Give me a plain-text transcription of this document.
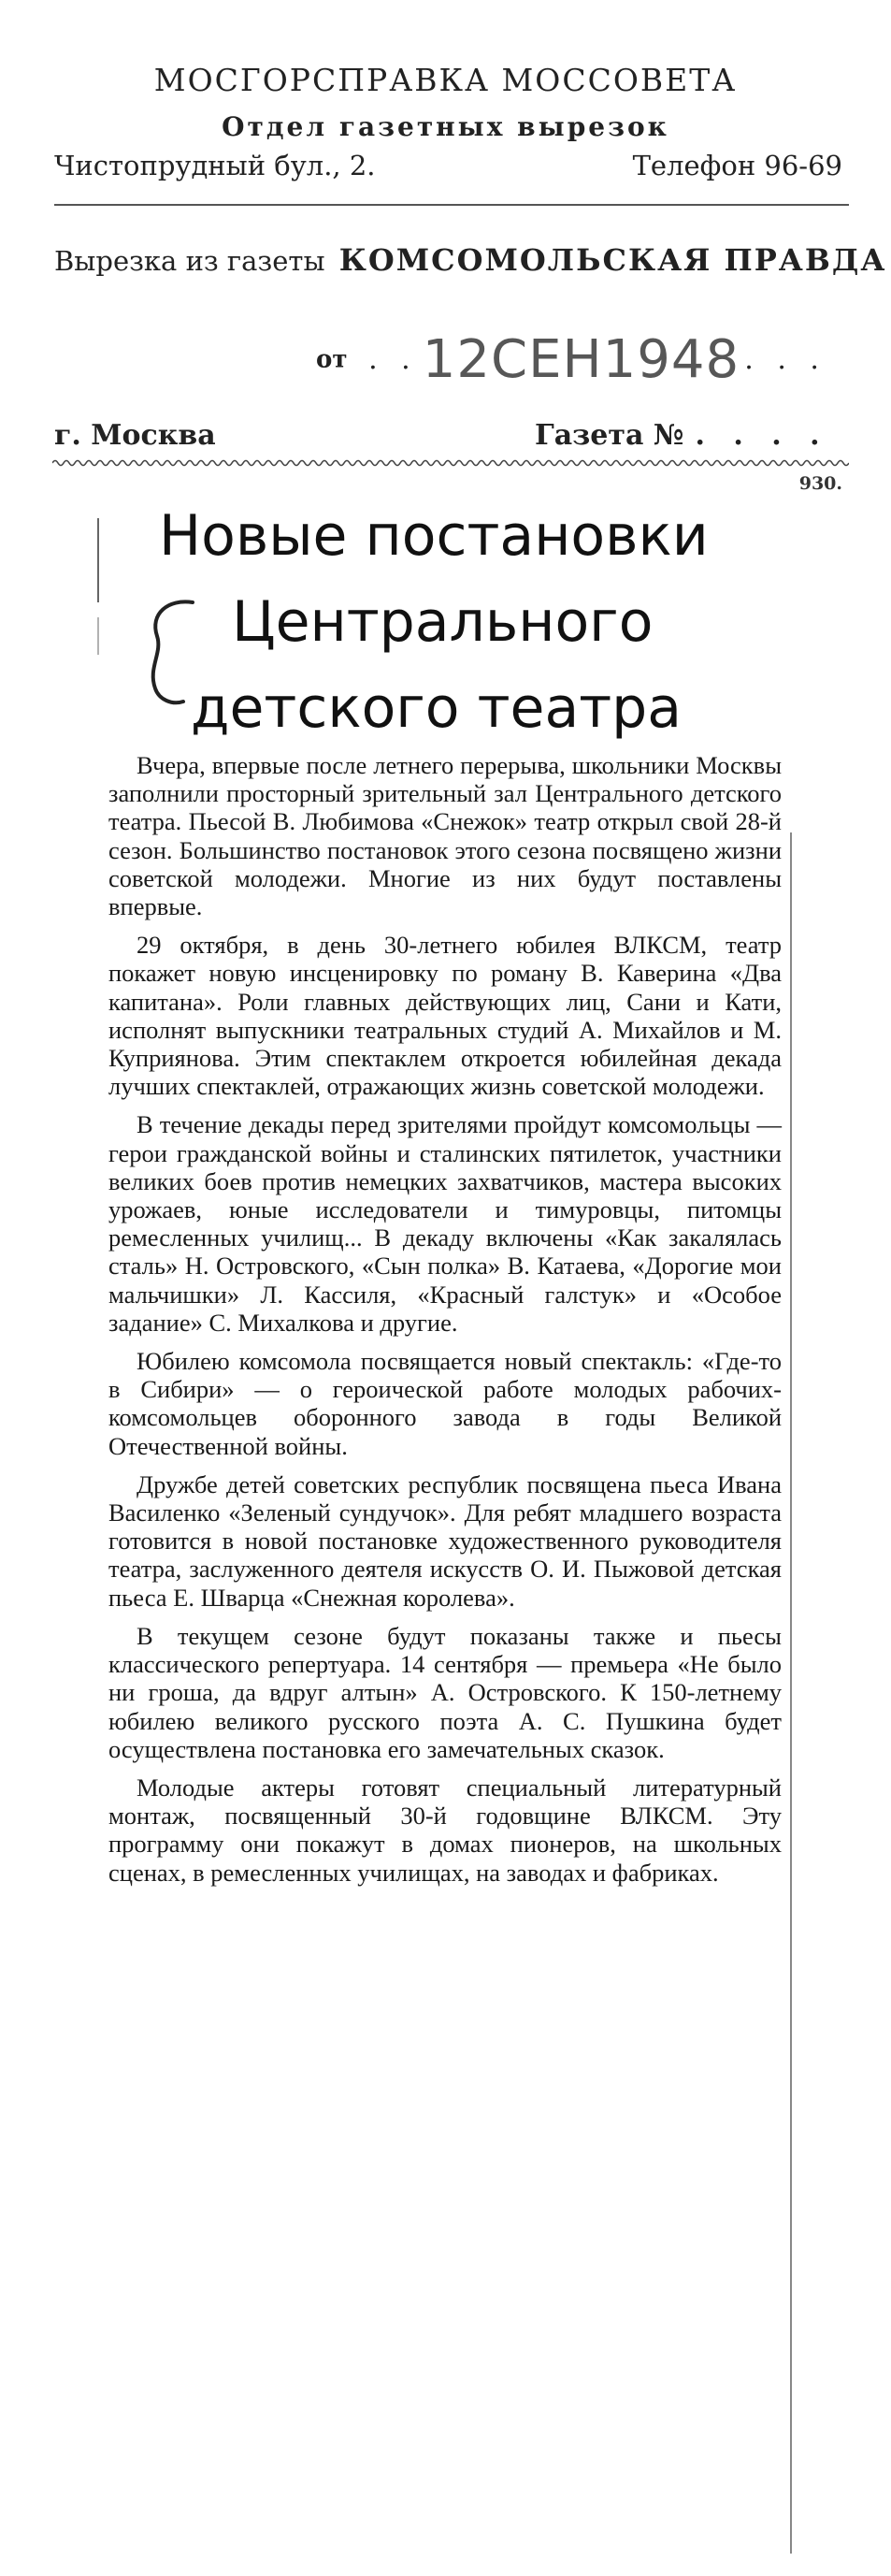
МОСГОРСПРАВКА МОССОВЕТА
Отдел газетных вырезок
Чистопрудный бул., 2.	Телефон 96-69
Вырезка из газеты КОМСОМОЛЬСКАЯ ПРАВДА
от  . . 12СЕН1948 . . .
г. Москва	Газета № . . . .
930.
Новые постановки
Центрального
детского театра

Вчера, впервые после летнего перерыва, школьники Москвы заполнили просторный зрительный зал Центрального детского театра. Пьесой В. Любимова «Снежок» театр открыл свой 28-й сезон. Большинство постановок этого сезона посвящено жизни советской молодежи. Многие из них будут поставлены впервые.

29 октября, в день 30-летнего юбилея ВЛКСМ, театр покажет новую инсценировку по роману В. Каверина «Два капитана». Роли главных действующих лиц, Сани и Кати, исполнят выпускники театральных студий А. Михайлов и М. Куприянова. Этим спектаклем откроется юбилейная декада лучших спектаклей, отражающих жизнь советской молодежи.

В течение декады перед зрителями пройдут комсомольцы — герои гражданской войны и сталинских пятилеток, участники великих боев против немецких захватчиков, мастера высоких урожаев, юные исследователи и тимуровцы, питомцы ремесленных училищ... В декаду включены «Как закалялась сталь» Н. Островского, «Сын полка» В. Катаева, «Дорогие мои мальчишки» Л. Кассиля, «Красный галстук» и «Особое задание» С. Михалкова и другие.

Юбилею комсомола посвящается новый спектакль: «Где-то в Сибири» — о героической работе молодых рабочих-комсомольцев оборонного завода в годы Великой Отечественной войны.

Дружбе детей советских республик посвящена пьеса Ивана Василенко «Зеленый сундучок». Для ребят младшего возраста готовится в новой постановке художественного руководителя театра, заслуженного деятеля искусств О. И. Пыжовой детская пьеса Е. Шварца «Снежная королева».

В текущем сезоне будут показаны также и пьесы классического репертуара. 14 сентября — премьера «Не было ни гроша, да вдруг алтын» А. Островского. К 150-летнему юбилею великого русского поэта А. С. Пушкина будет осуществлена постановка его замечательных сказок.

Молодые актеры готовят специальный литературный монтаж, посвященный 30-й годовщине ВЛКСМ. Эту программу они покажут в домах пионеров, на школьных сценах, в ремесленных училищах, на заводах и фабриках.
